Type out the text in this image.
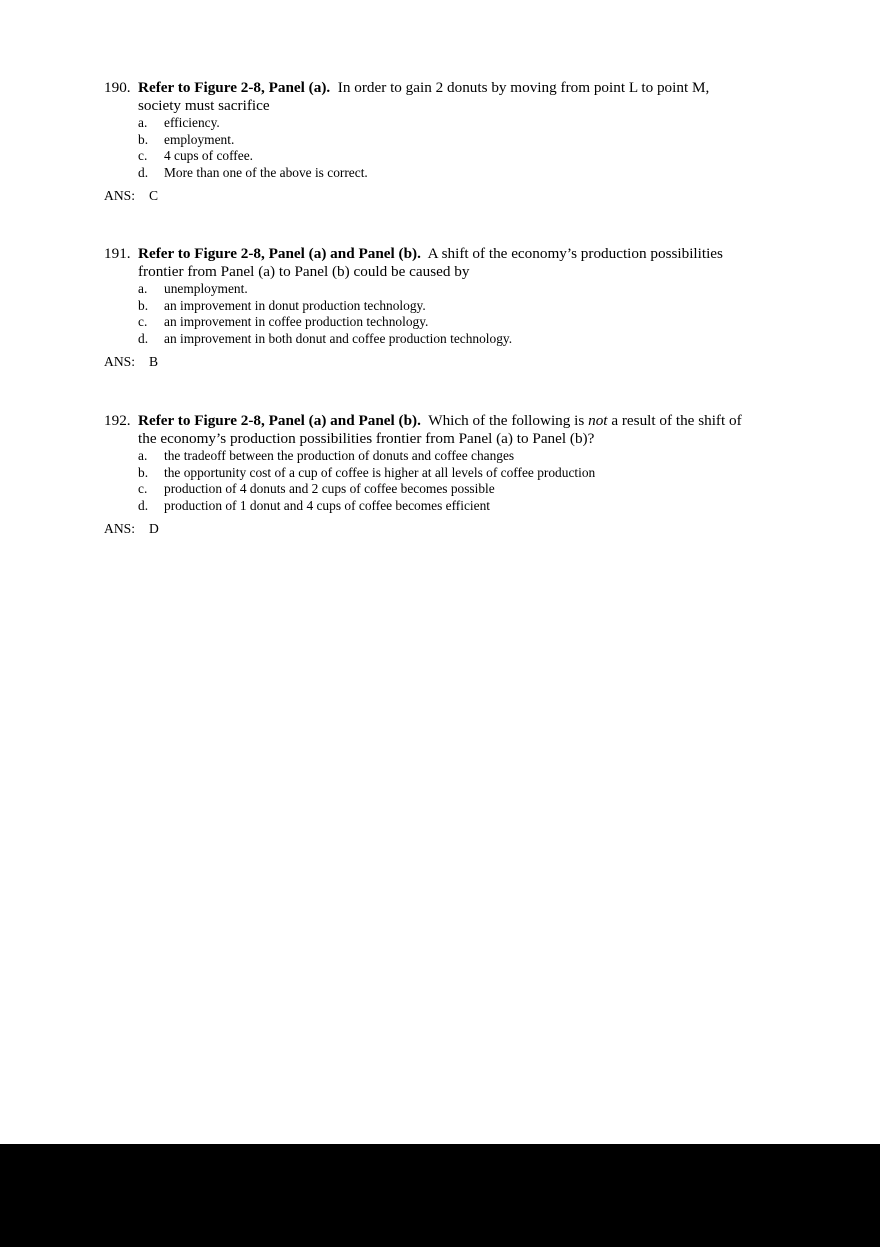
190. Refer to Figure 2-8, Panel (a). In order to gain 2 donuts by moving from point L to point M,
society must sacrifice
a. efficiency.
b. employment.
c. 4 cups of coffee.
d. More than one of the above is correct.
ANS: C
191. Refer to Figure 2-8, Panel (a) and Panel (b). A shift of the economy’s production possibilities
frontier from Panel (a) to Panel (b) could be caused by
a. unemployment.
b. an improvement in donut production technology.
c. an improvement in coffee production technology.
d. an improvement in both donut and coffee production technology.
ANS: B
192. Refer to Figure 2-8, Panel (a) and Panel (b). Which of the following is not a result of the shift of
the economy’s production possibilities frontier from Panel (a) to Panel (b)?
a. the tradeoff between the production of donuts and coffee changes
b. the opportunity cost of a cup of coffee is higher at all levels of coffee production
c. production of 4 donuts and 2 cups of coffee becomes possible
d. production of 1 donut and 4 cups of coffee becomes efficient
ANS: D
